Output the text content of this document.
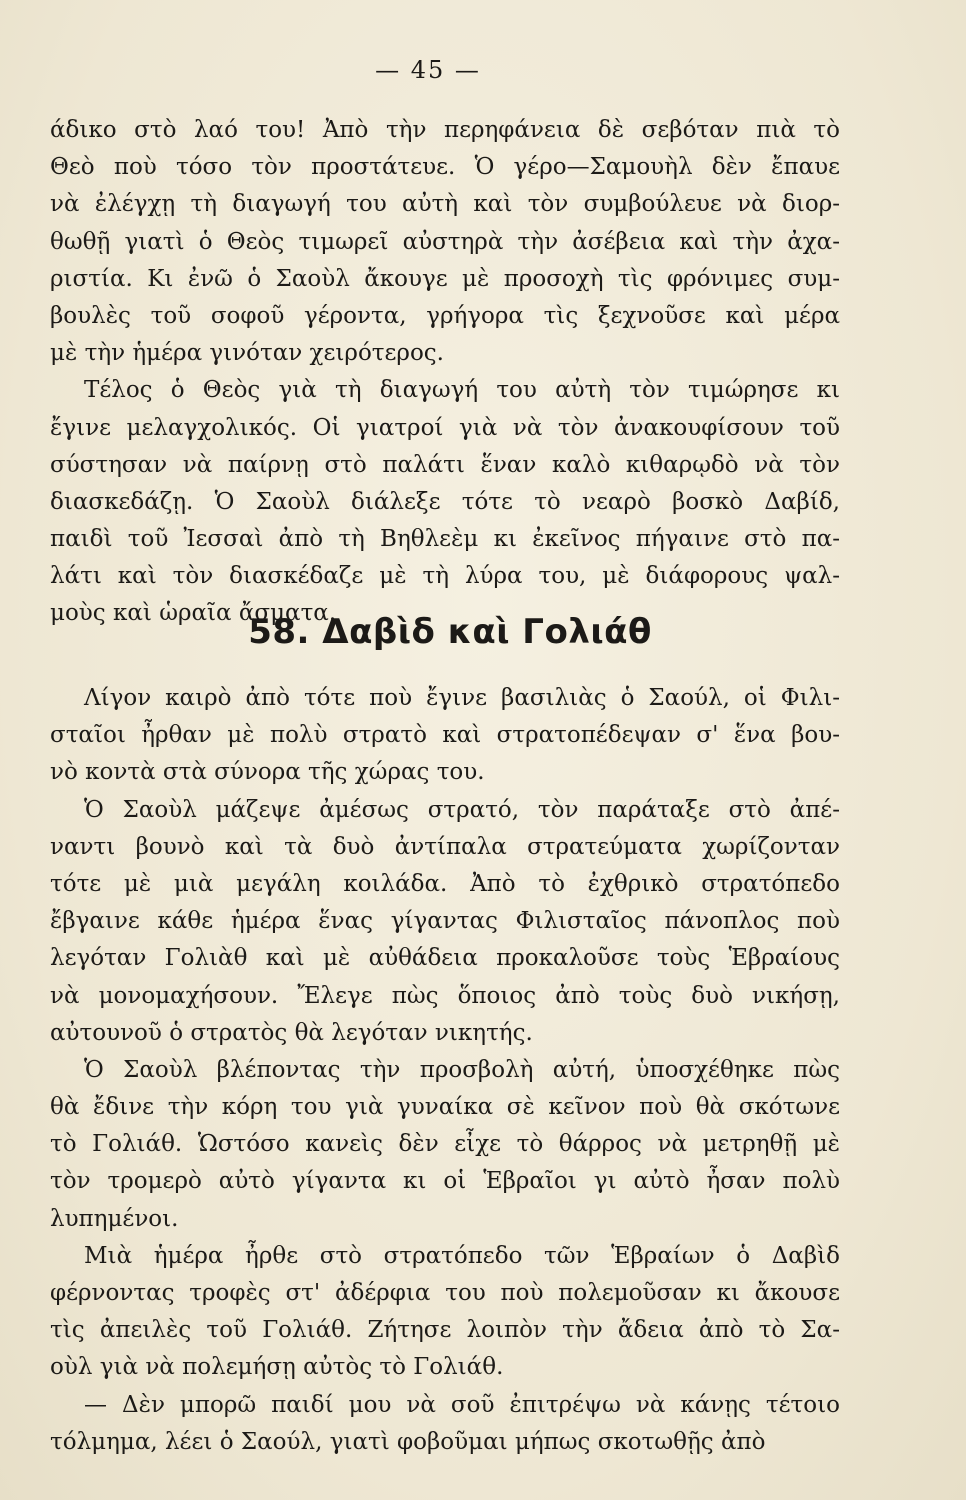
— 45 —
άδικο στὸ λαό του! Ἀπὸ τὴν περηφάνεια δὲ σεβόταν πιὰ τὸ
Θεὸ ποὺ τόσο τὸν προστάτευε. Ὁ γέρο—Σαμουὴλ δὲν ἔπαυε
νὰ ἐλέγχῃ τὴ διαγωγή του αὐτὴ καὶ τὸν συμβούλευε νὰ διορ-
θωθῇ γιατὶ ὁ Θεὸς τιμωρεῖ αὐστηρὰ τὴν ἀσέβεια καὶ τὴν ἀχα-
ριστία. Κι ἐνῶ ὁ Σαοὺλ ἄκουγε μὲ προσοχὴ τὶς φρόνιμες συμ-
βουλὲς τοῦ σοφοῦ γέροντα, γρήγορα τὶς ξεχνοῦσε καὶ μέρα
μὲ τὴν ἡμέρα γινόταν χειρότερος.
Τέλος ὁ Θεὸς γιὰ τὴ διαγωγή του αὐτὴ τὸν τιμώρησε κι
ἔγινε μελαγχολικός. Οἱ γιατροί γιὰ νὰ τὸν ἀνακουφίσουν τοῦ
σύστησαν νὰ παίρνῃ στὸ παλάτι ἕναν καλὸ κιθαρῳδὸ νὰ τὸν
διασκεδάζῃ. Ὁ Σαοὺλ διάλεξε τότε τὸ νεαρὸ βοσκὸ Δαβίδ,
παιδὶ τοῦ Ἰεσσαὶ ἀπὸ τὴ Βηθλεὲμ κι ἐκεῖνος πήγαινε στὸ πα-
λάτι καὶ τὸν διασκέδαζε μὲ τὴ λύρα του, μὲ διάφορους ψαλ-
μοὺς καὶ ὡραῖα ἄσματα.
58. Δαβὶδ καὶ Γολιάθ
Λίγον καιρὸ ἀπὸ τότε ποὺ ἔγινε βασιλιὰς ὁ Σαούλ, οἱ Φιλι-
σταῖοι ἦρθαν μὲ πολὺ στρατὸ καὶ στρατοπέδεψαν σ' ἕνα βου-
νὸ κοντὰ στὰ σύνορα τῆς χώρας του.
Ὁ Σαοὺλ μάζεψε ἀμέσως στρατό, τὸν παράταξε στὸ ἀπέ-
ναντι βουνὸ καὶ τὰ δυὸ ἀντίπαλα στρατεύματα χωρίζονταν
τότε μὲ μιὰ μεγάλη κοιλάδα. Ἀπὸ τὸ ἐχθρικὸ στρατόπεδο
ἔβγαινε κάθε ἡμέρα ἕνας γίγαντας Φιλισταῖος πάνοπλος ποὺ
λεγόταν Γολιὰθ καὶ μὲ αὐθάδεια προκαλοῦσε τοὺς Ἑβραίους
νὰ μονομαχήσουν. Ἔλεγε πὼς ὅποιος ἀπὸ τοὺς δυὸ νικήσῃ,
αὐτουνοῦ ὁ στρατὸς θὰ λεγόταν νικητής.
Ὁ Σαοὺλ βλέποντας τὴν προσβολὴ αὐτή, ὑποσχέθηκε πὼς
θὰ ἔδινε τὴν κόρη του γιὰ γυναίκα σὲ κεῖνον ποὺ θὰ σκότωνε
τὸ Γολιάθ. Ὡστόσο κανεὶς δὲν εἶχε τὸ θάρρος νὰ μετρηθῇ μὲ
τὸν τρομερὸ αὐτὸ γίγαντα κι οἱ Ἑβραῖοι γι αὐτὸ ἦσαν πολὺ
λυπημένοι.
Μιὰ ἡμέρα ἦρθε στὸ στρατόπεδο τῶν Ἑβραίων ὁ Δαβὶδ
φέρνοντας τροφὲς στ' ἀδέρφια του ποὺ πολεμοῦσαν κι ἄκουσε
τὶς ἀπειλὲς τοῦ Γολιάθ. Ζήτησε λοιπὸν τὴν ἄδεια ἀπὸ τὸ Σα-
οὺλ γιὰ νὰ πολεμήσῃ αὐτὸς τὸ Γολιάθ.
— Δὲν μπορῶ παιδί μου νὰ σοῦ ἐπιτρέψω νὰ κάνῃς τέτοιο
τόλμημα, λέει ὁ Σαούλ, γιατὶ φοβοῦμαι μήπως σκοτωθῇς ἀπὸ
